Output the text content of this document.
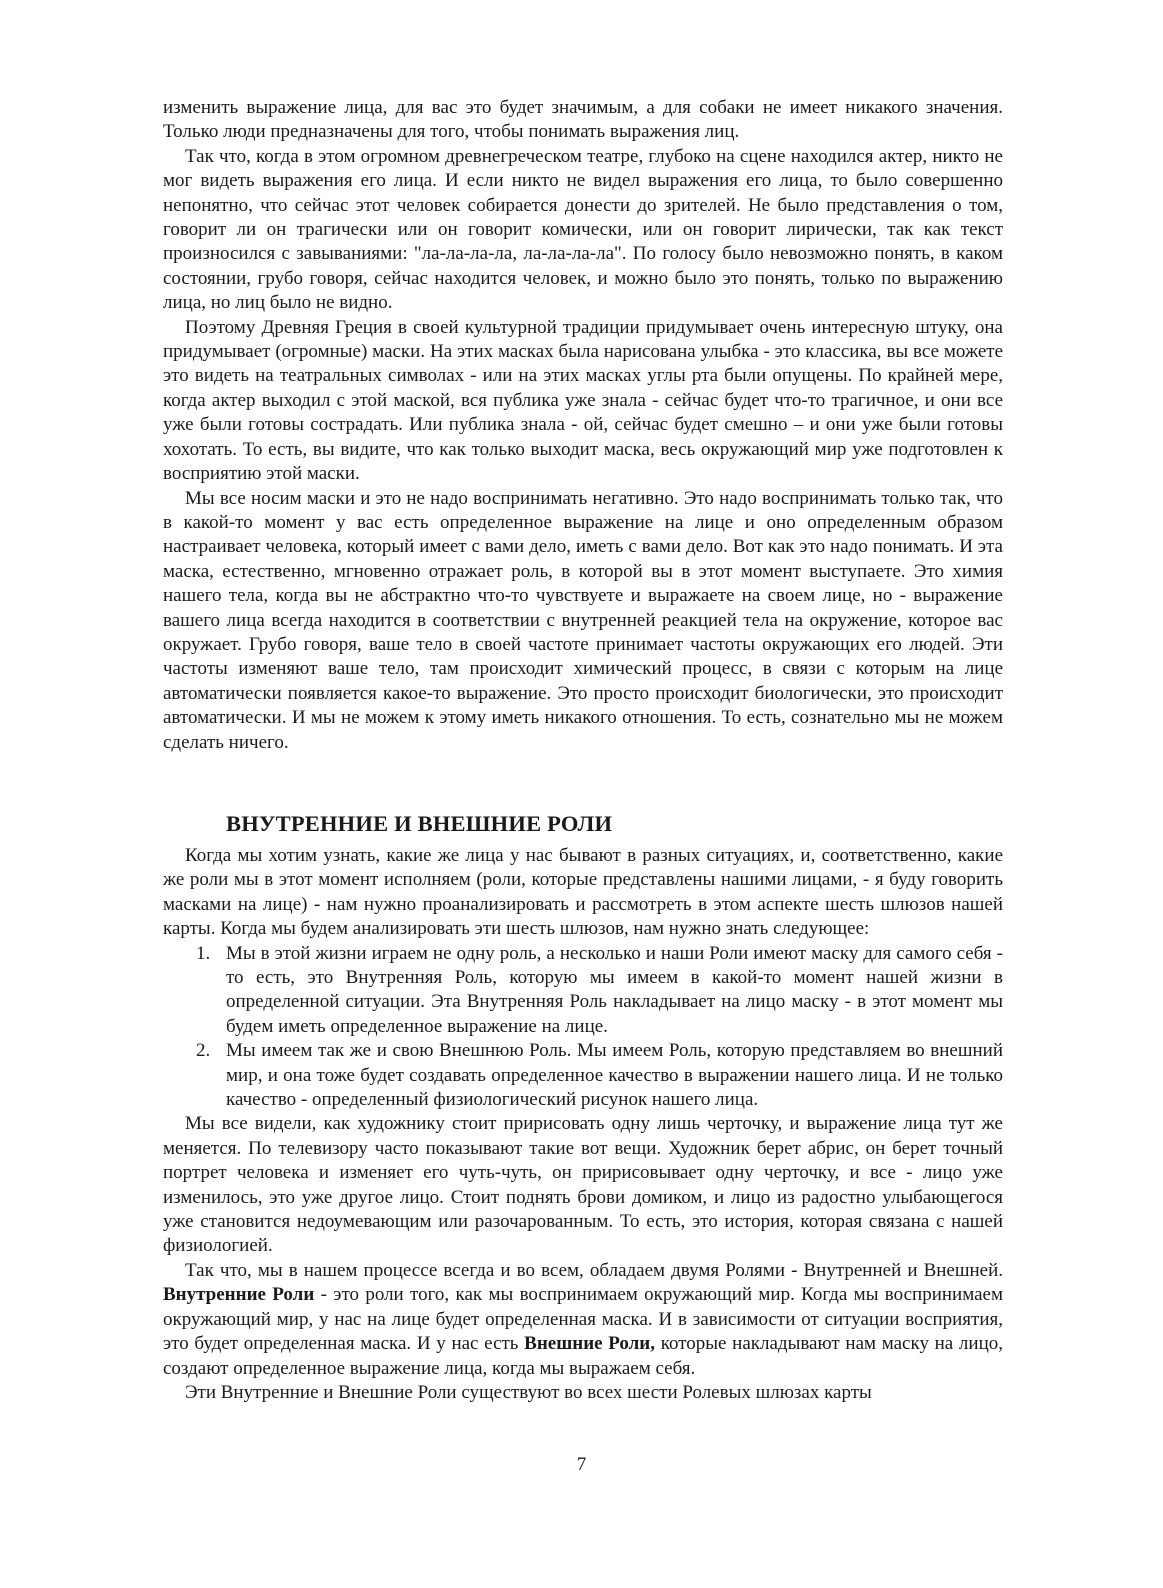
изменить выражение лица, для вас это будет значимым, а для собаки не имеет никакого значения. Только люди предназначены для того, чтобы понимать выражения лиц.

Так что, когда в этом огромном древнегреческом театре, глубоко на сцене находился актер, никто не мог видеть выражения его лица. И если никто не видел выражения его лица, то было совершенно непонятно, что сейчас этот человек собирается донести до зрителей. Не было представления о том, говорит ли он трагически или он говорит комически, или он говорит лирически, так как текст произносился с завываниями: "ла-ла-ла-ла, ла-ла-ла-ла". По голосу было невозможно понять, в каком состоянии, грубо говоря, сейчас находится человек, и можно было это понять, только по выражению лица, но лиц было не видно.

Поэтому Древняя Греция в своей культурной традиции придумывает очень интересную штуку, она придумывает (огромные) маски. На этих масках была нарисована улыбка - это классика, вы все можете это видеть на театральных символах - или на этих масках углы рта были опущены. По крайней мере, когда актер выходил с этой маской, вся публика уже знала - сейчас будет что-то трагичное, и они все уже были готовы сострадать. Или публика знала - ой, сейчас будет смешно – и они уже были готовы хохотать. То есть, вы видите, что как только выходит маска, весь окружающий мир уже подготовлен к восприятию этой маски.

Мы все носим маски и это не надо воспринимать негативно. Это надо воспринимать только так, что в какой-то момент у вас есть определенное выражение на лице и оно определенным образом настраивает человека, который имеет с вами дело, иметь с вами дело. Вот как это надо понимать. И эта маска, естественно, мгновенно отражает роль, в которой вы в этот момент выступаете. Это химия нашего тела, когда вы не абстрактно что-то чувствуете и выражаете на своем лице, но - выражение вашего лица всегда находится в соответствии с внутренней реакцией тела на окружение, которое вас окружает. Грубо говоря, ваше тело в своей частоте принимает частоты окружающих его людей. Эти частоты изменяют ваше тело, там происходит химический процесс, в связи с которым на лице автоматически появляется какое-то выражение. Это просто происходит биологически, это происходит автоматически. И мы не можем к этому иметь никакого отношения. То есть, сознательно мы не можем сделать ничего.

ВНУТРЕННИЕ И ВНЕШНИЕ РОЛИ

Когда мы хотим узнать, какие же лица у нас бывают в разных ситуациях, и, соответственно, какие же роли мы в этот момент исполняем (роли, которые представлены нашими лицами, - я буду говорить масками на лице) - нам нужно проанализировать и рассмотреть в этом аспекте шесть шлюзов нашей карты. Когда мы будем анализировать эти шесть шлюзов, нам нужно знать следующее:

1. Мы в этой жизни играем не одну роль, а несколько и наши Роли имеют маску для самого себя - то есть, это Внутренняя Роль, которую мы имеем в какой-то момент нашей жизни в определенной ситуации. Эта Внутренняя Роль накладывает на лицо маску - в этот момент мы будем иметь определенное выражение на лице.
2. Мы имеем так же и свою Внешнюю Роль. Мы имеем Роль, которую представляем во внешний мир, и она тоже будет создавать определенное качество в выражении нашего лица. И не только качество - определенный физиологический рисунок нашего лица.

Мы все видели, как художнику стоит пририсовать одну лишь черточку, и выражение лица тут же меняется. По телевизору часто показывают такие вот вещи. Художник берет абрис, он берет точный портрет человека и изменяет его чуть-чуть, он пририсовывает одну черточку, и все - лицо уже изменилось, это уже другое лицо. Стоит поднять брови домиком, и лицо из радостно улыбающегося уже становится недоумевающим или разочарованным. То есть, это история, которая связана с нашей физиологией.

Так что, мы в нашем процессе всегда и во всем, обладаем двумя Ролями - Внутренней и Внешней. Внутренние Роли - это роли того, как мы воспринимаем окружающий мир. Когда мы воспринимаем окружающий мир, у нас на лице будет определенная маска. И в зависимости от ситуации восприятия, это будет определенная маска. И у нас есть Внешние Роли, которые накладывают нам маску на лицо, создают определенное выражение лица, когда мы выражаем себя.

Эти Внутренние и Внешние Роли существуют во всех шести Ролевых шлюзах карты

7
